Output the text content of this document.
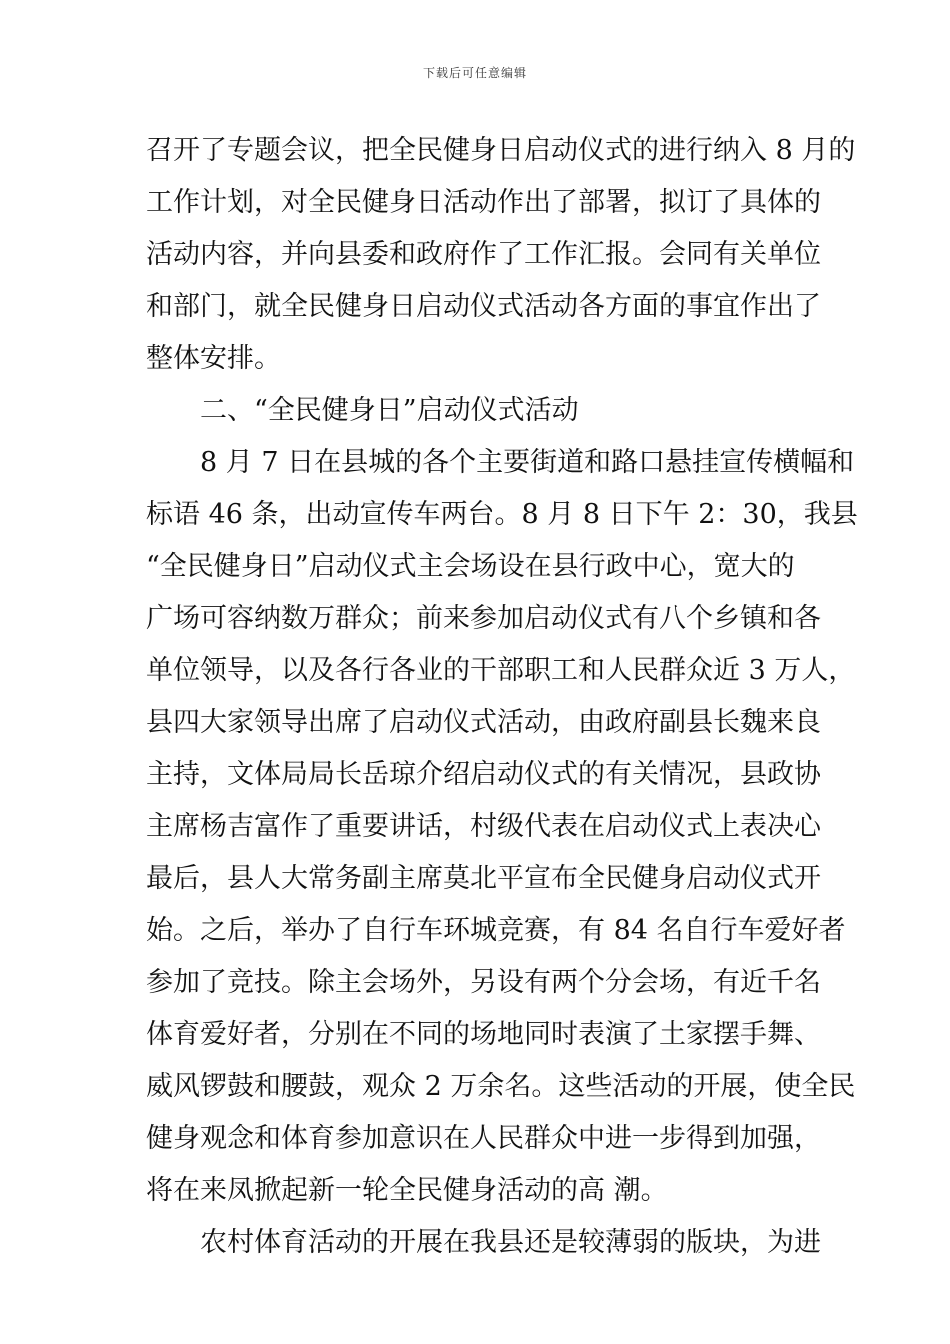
下载后可任意编辑
召开了专题会议，把全民健身日启动仪式的进行纳入 8 月的
工作计划，对全民健身日活动作出了部署，拟订了具体的
活动内容，并向县委和政府作了工作汇报。会同有关单位
和部门，就全民健身日启动仪式活动各方面的事宜作出了
整体安排。
　　二、“全民健身日”启动仪式活动
　　8 月 7 日在县城的各个主要街道和路口悬挂宣传横幅和
标语 46 条，出动宣传车两台。8 月 8 日下午 2：30，我县
“全民健身日”启动仪式主会场设在县行政中心，宽大的
广场可容纳数万群众；前来参加启动仪式有八个乡镇和各
单位领导，以及各行各业的干部职工和人民群众近 3 万人，
县四大家领导出席了启动仪式活动，由政府副县长魏来良
主持，文体局局长岳琼介绍启动仪式的有关情况，县政协
主席杨吉富作了重要讲话，村级代表在启动仪式上表决心
最后，县人大常务副主席莫北平宣布全民健身启动仪式开
始。之后，举办了自行车环城竞赛，有 84 名自行车爱好者
参加了竞技。除主会场外，另设有两个分会场，有近千名
体育爱好者，分别在不同的场地同时表演了土家摆手舞、
威风锣鼓和腰鼓，观众 2 万余名。这些活动的开展，使全民
健身观念和体育参加意识在人民群众中进一步得到加强，
将在来凤掀起新一轮全民健身活动的高 潮。
　　农村体育活动的开展在我县还是较薄弱的版块，为进
